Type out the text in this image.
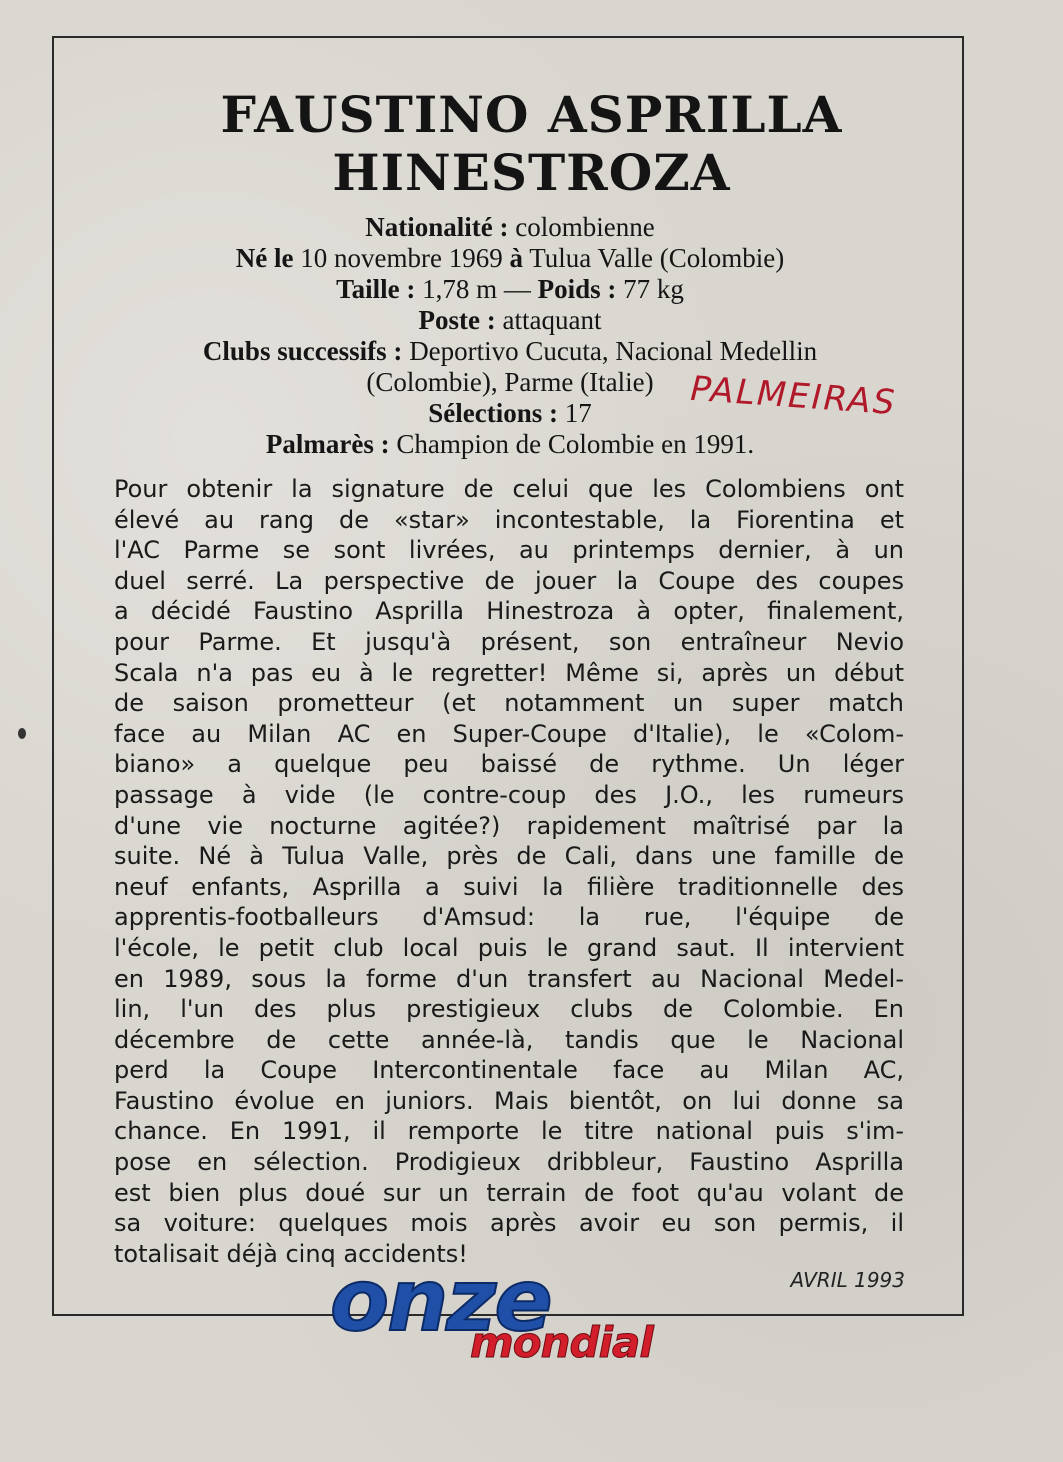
FAUSTINO ASPRILLA
HINESTROZA
Nationalité : colombienne
Né le 10 novembre 1969 à Tulua Valle (Colombie)
Taille : 1,78 m — Poids : 77 kg
Poste : attaquant
Clubs successifs : Deportivo Cucuta, Nacional Medellin
(Colombie), Parme (Italie)
Sélections : 17
Palmarès : Champion de Colombie en 1991.
PALMEIRAS
Pour obtenir la signature de celui que les Colombiens ont
élevé au rang de «star» incontestable, la Fiorentina et
l'AC Parme se sont livrées, au printemps dernier, à un
duel serré. La perspective de jouer la Coupe des coupes
a décidé Faustino Asprilla Hinestroza à opter, finalement,
pour Parme. Et jusqu'à présent, son entraîneur Nevio
Scala n'a pas eu à le regretter! Même si, après un début
de saison prometteur (et notamment un super match
face au Milan AC en Super-Coupe d'Italie), le «Colom-
biano» a quelque peu baissé de rythme. Un léger
passage à vide (le contre-coup des J.O., les rumeurs
d'une vie nocturne agitée?) rapidement maîtrisé par la
suite. Né à Tulua Valle, près de Cali, dans une famille de
neuf enfants, Asprilla a suivi la filière traditionnelle des
apprentis-footballeurs d'Amsud: la rue, l'équipe de
l'école, le petit club local puis le grand saut. Il intervient
en 1989, sous la forme d'un transfert au Nacional Medel-
lin, l'un des plus prestigieux clubs de Colombie. En
décembre de cette année-là, tandis que le Nacional
perd la Coupe Intercontinentale face au Milan AC,
Faustino évolue en juniors. Mais bientôt, on lui donne sa
chance. En 1991, il remporte le titre national puis s'im-
pose en sélection. Prodigieux dribbleur, Faustino Asprilla
est bien plus doué sur un terrain de foot qu'au volant de
sa voiture: quelques mois après avoir eu son permis, il
totalisait déjà cinq accidents!
AVRIL 1993
onze
mondial
